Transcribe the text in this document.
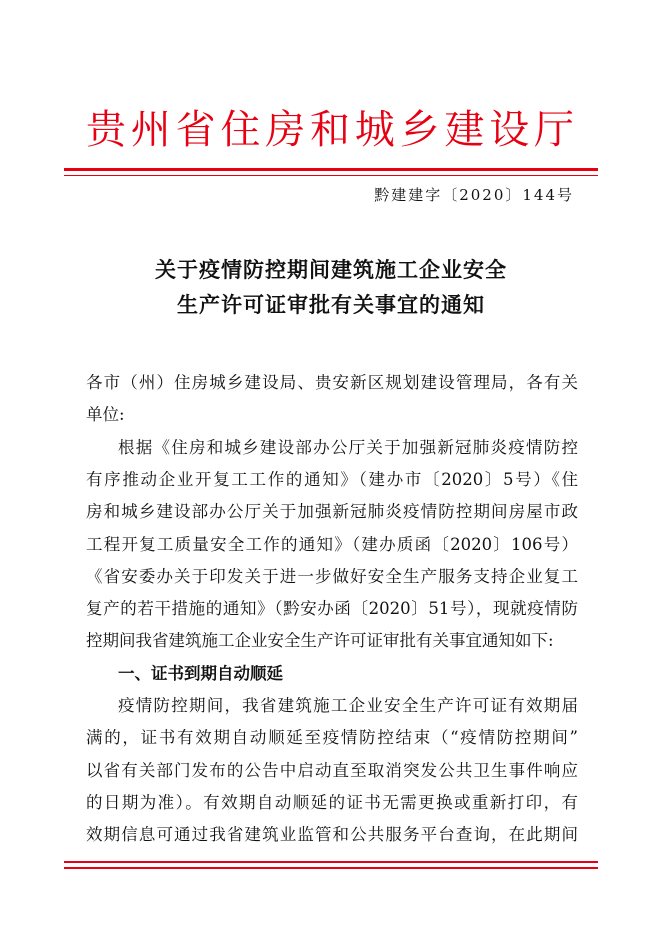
贵州省住房和城乡建设厅
黔建建字〔2020〕144号
关于疫情防控期间建筑施工企业安全
生产许可证审批有关事宜的通知
各市（州）住房城乡建设局、贵安新区规划建设管理局，各有关
单位:
根据《住房和城乡建设部办公厅关于加强新冠肺炎疫情防控
有序推动企业开复工工作的通知》（建办市〔2020〕5号）《住
房和城乡建设部办公厅关于加强新冠肺炎疫情防控期间房屋市政
工程开复工质量安全工作的通知》（建办质函〔2020〕106号）
《省安委办关于印发关于进一步做好安全生产服务支持企业复工
复产的若干措施的通知》（黔安办函〔2020〕51号），现就疫情防
控期间我省建筑施工企业安全生产许可证审批有关事宜通知如下:
一、证书到期自动顺延
疫情防控期间，我省建筑施工企业安全生产许可证有效期届
满的，证书有效期自动顺延至疫情防控结束（“疫情防控期间”
以省有关部门发布的公告中启动直至取消突发公共卫生事件响应
的日期为准）。有效期自动顺延的证书无需更换或重新打印，有
效期信息可通过我省建筑业监管和公共服务平台查询，在此期间
